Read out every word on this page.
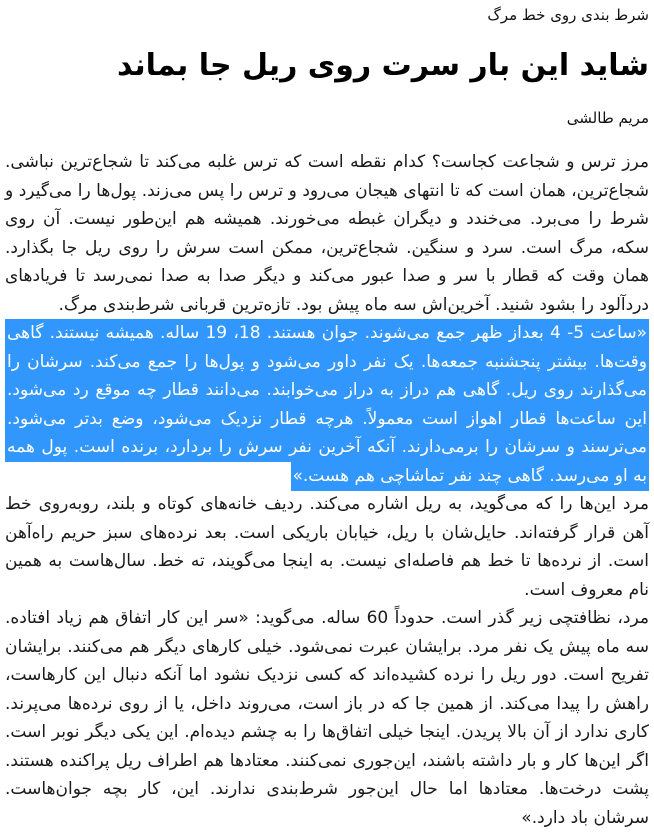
شرط بندی روی خط مرگ
شاید این بار سرت روی ریل جا بماند
مریم طالشی

مرز ترس و شجاعت کجاست؟ کدام نقطه است که ترس غلبه می‌کند تا شجاع‌ترین نباشی. شجاع‌ترین، همان است که تا انتهای هیجان می‌رود و ترس را پس می‌زند. پول‌ها را می‌گیرد و شرط را می‌برد. می‌خندد و دیگران غبطه می‌خورند. همیشه هم این‌طور نیست. آن روی سکه، مرگ است. سرد و سنگین. شجاع‌ترین، ممکن است سرش را روی ریل جا بگذارد. همان وقت که قطار با سر و صدا عبور می‌کند و دیگر صدا به صدا نمی‌رسد تا فریادهای دردآلود را بشود شنید. آخرین‌اش سه ماه پیش بود. تازه‌ترین قربانی شرط‌بندی مرگ.

«ساعت 5- 4 بعداز ظهر جمع می‌شوند. جوان هستند. 18، 19 ساله. همیشه نیستند. گاهی وقت‌ها. بیشتر پنجشنبه جمعه‌ها. یک نفر داور می‌شود و پول‌ها را جمع می‌کند. سرشان را می‌گذارند روی ریل. گاهی هم دراز به دراز می‌خوابند. می‌دانند قطار چه موقع رد می‌شود. این ساعت‌ها قطار اهواز است معمولاً. هرچه قطار نزدیک می‌شود، وضع بدتر می‌شود. می‌ترسند و سرشان را برمی‌دارند. آنکه آخرین نفر سرش را بردارد، برنده است. پول همه به او می‌رسد. گاهی چند نفر تماشاچی هم هست.»

مرد این‌ها را که می‌گوید، به ریل اشاره می‌کند. ردیف خانه‌های کوتاه و بلند، روبه‌روی خط آهن قرار گرفته‌اند. حایل‌شان با ریل، خیابان باریکی است. بعد نرده‌های سبز حریم راه‌آهن است. از نرده‌ها تا خط هم فاصله‌ای نیست. به اینجا می‌گویند، ته خط. سال‌هاست به همین نام معروف است.

مرد، نظافتچی زیر گذر است. حدوداً 60 ساله. می‌گوید: «سر این کار اتفاق هم زیاد افتاده. سه ماه پیش یک نفر مرد. برایشان عبرت نمی‌شود. خیلی کارهای دیگر هم می‌کنند. برایشان تفریح است. دور ریل را نرده کشیده‌اند که کسی نزدیک نشود اما آنکه دنبال این کارهاست، راهش را پیدا می‌کند. از همین جا که در باز است، می‌روند داخل، یا از روی نرده‌ها می‌پرند. کاری ندارد از آن بالا پریدن. اینجا خیلی اتفاق‌ها را به چشم دیده‌ام. این یکی دیگر نوبر است. اگر این‌ها کار و بار داشته باشند، این‌جوری نمی‌کنند. معتادها هم اطراف ریل پراکنده هستند. پشت درخت‌ها. معتادها اما حال این‌جور شرط‌بندی ندارند. این، کار بچه جوان‌هاست. سرشان باد دارد.»
